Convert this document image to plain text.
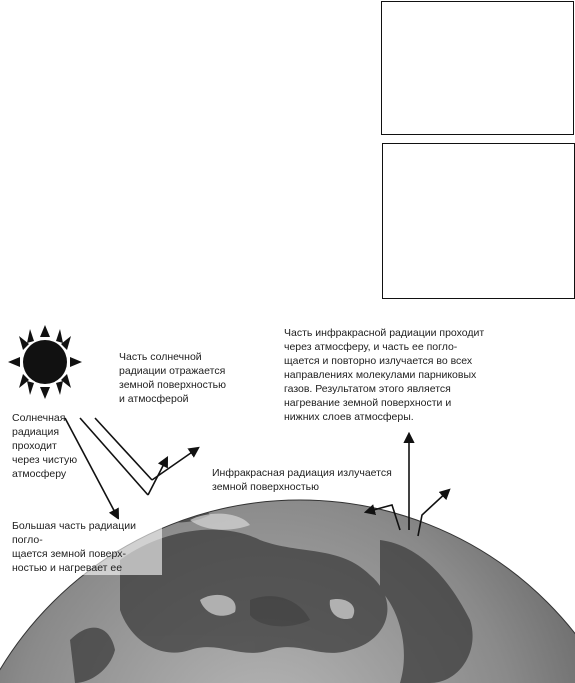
Часть солнечной
радиации отражается
земной поверхностью
и атмосферой
Часть инфракрасной радиации проходит
через атмосферу, и часть ее погло-
щается и повторно излучается во всех
направлениях молекулами парниковых
газов. Результатом этого является
нагревание земной поверхности и
нижних слоев атмосферы.
Солнечная
радиация
проходит
через чистую
атмосферу	Инфракрасная радиация излучается
земной поверхностью
Большая часть радиации погло-
щается земной поверх-
ностью и нагревает ее
